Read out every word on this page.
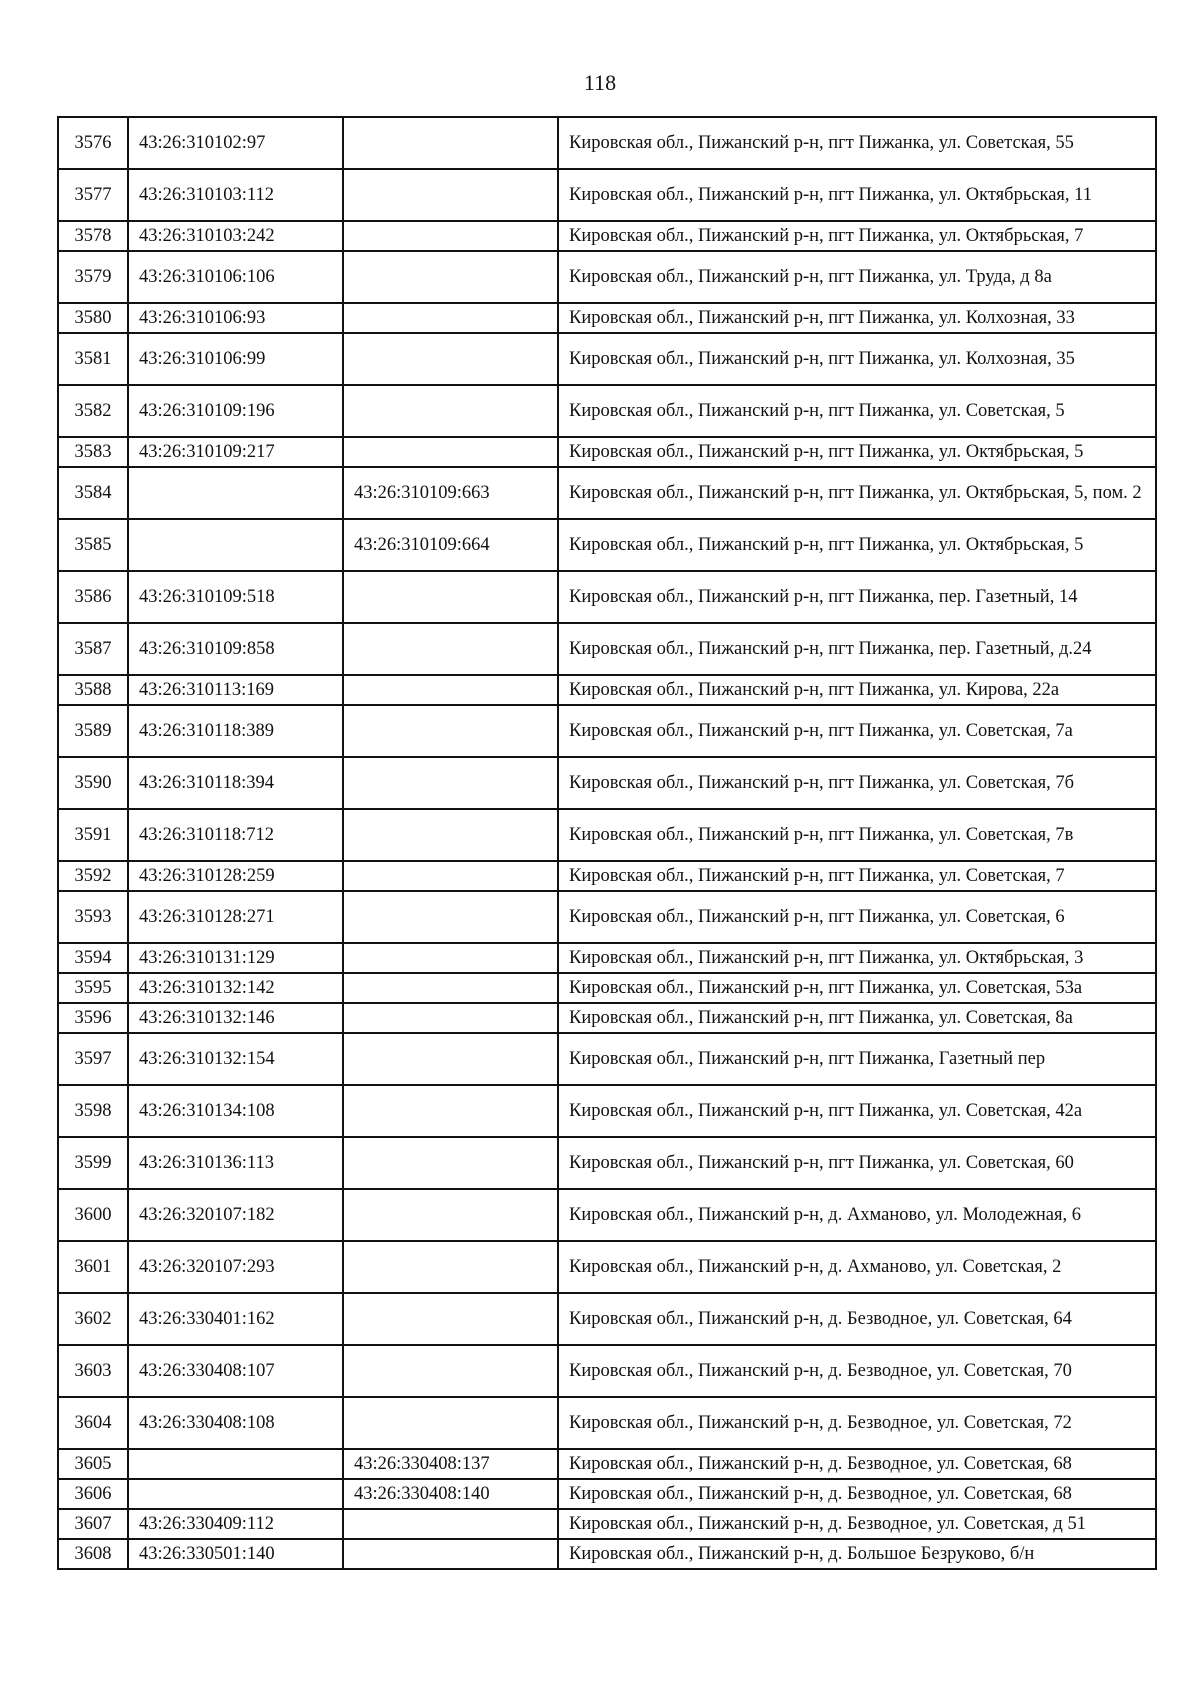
118
3576	43:26:310102:97		Кировская обл., Пижанский р-н, пгт Пижанка, ул. Советская, 55
3577	43:26:310103:112		Кировская обл., Пижанский р-н, пгт Пижанка, ул. Октябрьская, 11
3578	43:26:310103:242		Кировская обл., Пижанский р-н, пгт Пижанка, ул. Октябрьская, 7
3579	43:26:310106:106		Кировская обл., Пижанский р-н, пгт Пижанка, ул. Труда, д 8а
3580	43:26:310106:93		Кировская обл., Пижанский р-н, пгт Пижанка, ул. Колхозная, 33
3581	43:26:310106:99		Кировская обл., Пижанский р-н, пгт Пижанка, ул. Колхозная, 35
3582	43:26:310109:196		Кировская обл., Пижанский р-н, пгт Пижанка, ул. Советская, 5
3583	43:26:310109:217		Кировская обл., Пижанский р-н, пгт Пижанка, ул. Октябрьская, 5
3584		43:26:310109:663	Кировская обл., Пижанский р-н, пгт Пижанка, ул. Октябрьская, 5, пом. 2
3585		43:26:310109:664	Кировская обл., Пижанский р-н, пгт Пижанка, ул. Октябрьская, 5
3586	43:26:310109:518		Кировская обл., Пижанский р-н, пгт Пижанка, пер. Газетный, 14
3587	43:26:310109:858		Кировская обл., Пижанский р-н, пгт Пижанка, пер. Газетный, д.24
3588	43:26:310113:169		Кировская обл., Пижанский р-н, пгт Пижанка, ул. Кирова, 22а
3589	43:26:310118:389		Кировская обл., Пижанский р-н, пгт Пижанка, ул. Советская, 7а
3590	43:26:310118:394		Кировская обл., Пижанский р-н, пгт Пижанка, ул. Советская, 7б
3591	43:26:310118:712		Кировская обл., Пижанский р-н, пгт Пижанка, ул. Советская, 7в
3592	43:26:310128:259		Кировская обл., Пижанский р-н, пгт Пижанка, ул. Советская, 7
3593	43:26:310128:271		Кировская обл., Пижанский р-н, пгт Пижанка, ул. Советская, 6
3594	43:26:310131:129		Кировская обл., Пижанский р-н, пгт Пижанка, ул. Октябрьская, 3
3595	43:26:310132:142		Кировская обл., Пижанский р-н, пгт Пижанка, ул. Советская, 53а
3596	43:26:310132:146		Кировская обл., Пижанский р-н, пгт Пижанка, ул. Советская, 8а
3597	43:26:310132:154		Кировская обл., Пижанский р-н, пгт Пижанка, Газетный пер
3598	43:26:310134:108		Кировская обл., Пижанский р-н, пгт Пижанка, ул. Советская, 42а
3599	43:26:310136:113		Кировская обл., Пижанский р-н, пгт Пижанка, ул. Советская, 60
3600	43:26:320107:182		Кировская обл., Пижанский р-н, д. Ахманово, ул. Молодежная, 6
3601	43:26:320107:293		Кировская обл., Пижанский р-н, д. Ахманово, ул. Советская, 2
3602	43:26:330401:162		Кировская обл., Пижанский р-н, д. Безводное, ул. Советская, 64
3603	43:26:330408:107		Кировская обл., Пижанский р-н, д. Безводное, ул. Советская, 70
3604	43:26:330408:108		Кировская обл., Пижанский р-н, д. Безводное, ул. Советская, 72
3605		43:26:330408:137	Кировская обл., Пижанский р-н, д. Безводное, ул. Советская, 68
3606		43:26:330408:140	Кировская обл., Пижанский р-н, д. Безводное, ул. Советская, 68
3607	43:26:330409:112		Кировская обл., Пижанский р-н, д. Безводное, ул. Советская, д 51
3608	43:26:330501:140		Кировская обл., Пижанский р-н, д. Большое Безруково, б/н
